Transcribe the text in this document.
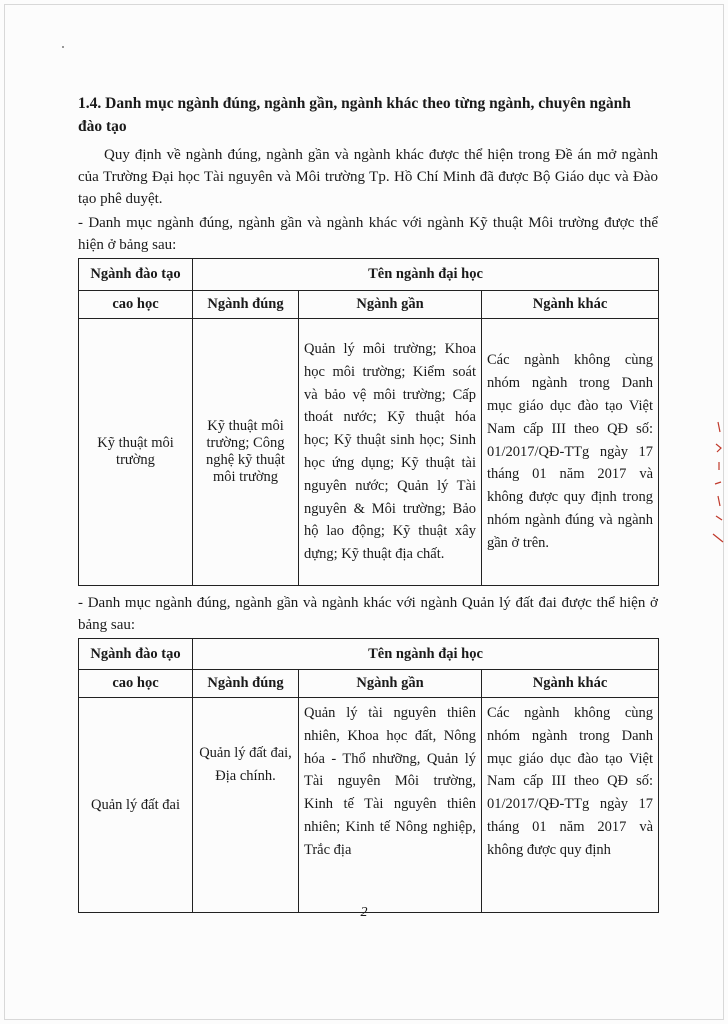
1.4. Danh mục ngành đúng, ngành gần, ngành khác theo từng ngành, chuyên ngành đào tạo

Quy định về ngành đúng, ngành gần và ngành khác được thể hiện trong Đề án mở ngành của Trường Đại học Tài nguyên và Môi trường Tp. Hồ Chí Minh đã được Bộ Giáo dục và Đào tạo phê duyệt.

- Danh mục ngành đúng, ngành gần và ngành khác với ngành Kỹ thuật Môi trường được thể hiện ở bảng sau:

Ngành đào tạo	Tên ngành đại học		
cao học	Ngành đúng	Ngành gần	Ngành khác
Kỹ thuật môi trường	Kỹ thuật môi trường; Công nghệ kỹ thuật môi trường	Quản lý môi trường; Khoa học môi trường; Kiểm soát và bảo vệ môi trường; Cấp thoát nước; Kỹ thuật hóa học; Kỹ thuật sinh học; Sinh học ứng dụng; Kỹ thuật tài nguyên nước; Quản lý Tài nguyên & Môi trường; Bảo hộ lao động; Kỹ thuật xây dựng; Kỹ thuật địa chất.	Các ngành không cùng nhóm ngành trong Danh mục giáo dục đào tạo Việt Nam cấp III theo QĐ số: 01/2017/QĐ-TTg ngày 17 tháng 01 năm 2017 và không được quy định trong nhóm ngành đúng và ngành gần ở trên.

- Danh mục ngành đúng, ngành gần và ngành khác với ngành Quản lý đất đai được thể hiện ở bảng sau:

Ngành đào tạo	Tên ngành đại học		
cao học	Ngành đúng	Ngành gần	Ngành khác
Quản lý đất đai	Quản lý đất đai,
Địa chính.	Quản lý tài nguyên thiên nhiên, Khoa học đất, Nông hóa - Thổ nhưỡng, Quản lý Tài nguyên Môi trường, Kinh tế Tài nguyên thiên nhiên; Kinh tế Nông nghiệp, Trắc địa	Các ngành không cùng nhóm ngành trong Danh mục giáo dục đào tạo Việt Nam cấp III theo QĐ số: 01/2017/QĐ-TTg ngày 17 tháng 01 năm 2017 và không được quy định
2
